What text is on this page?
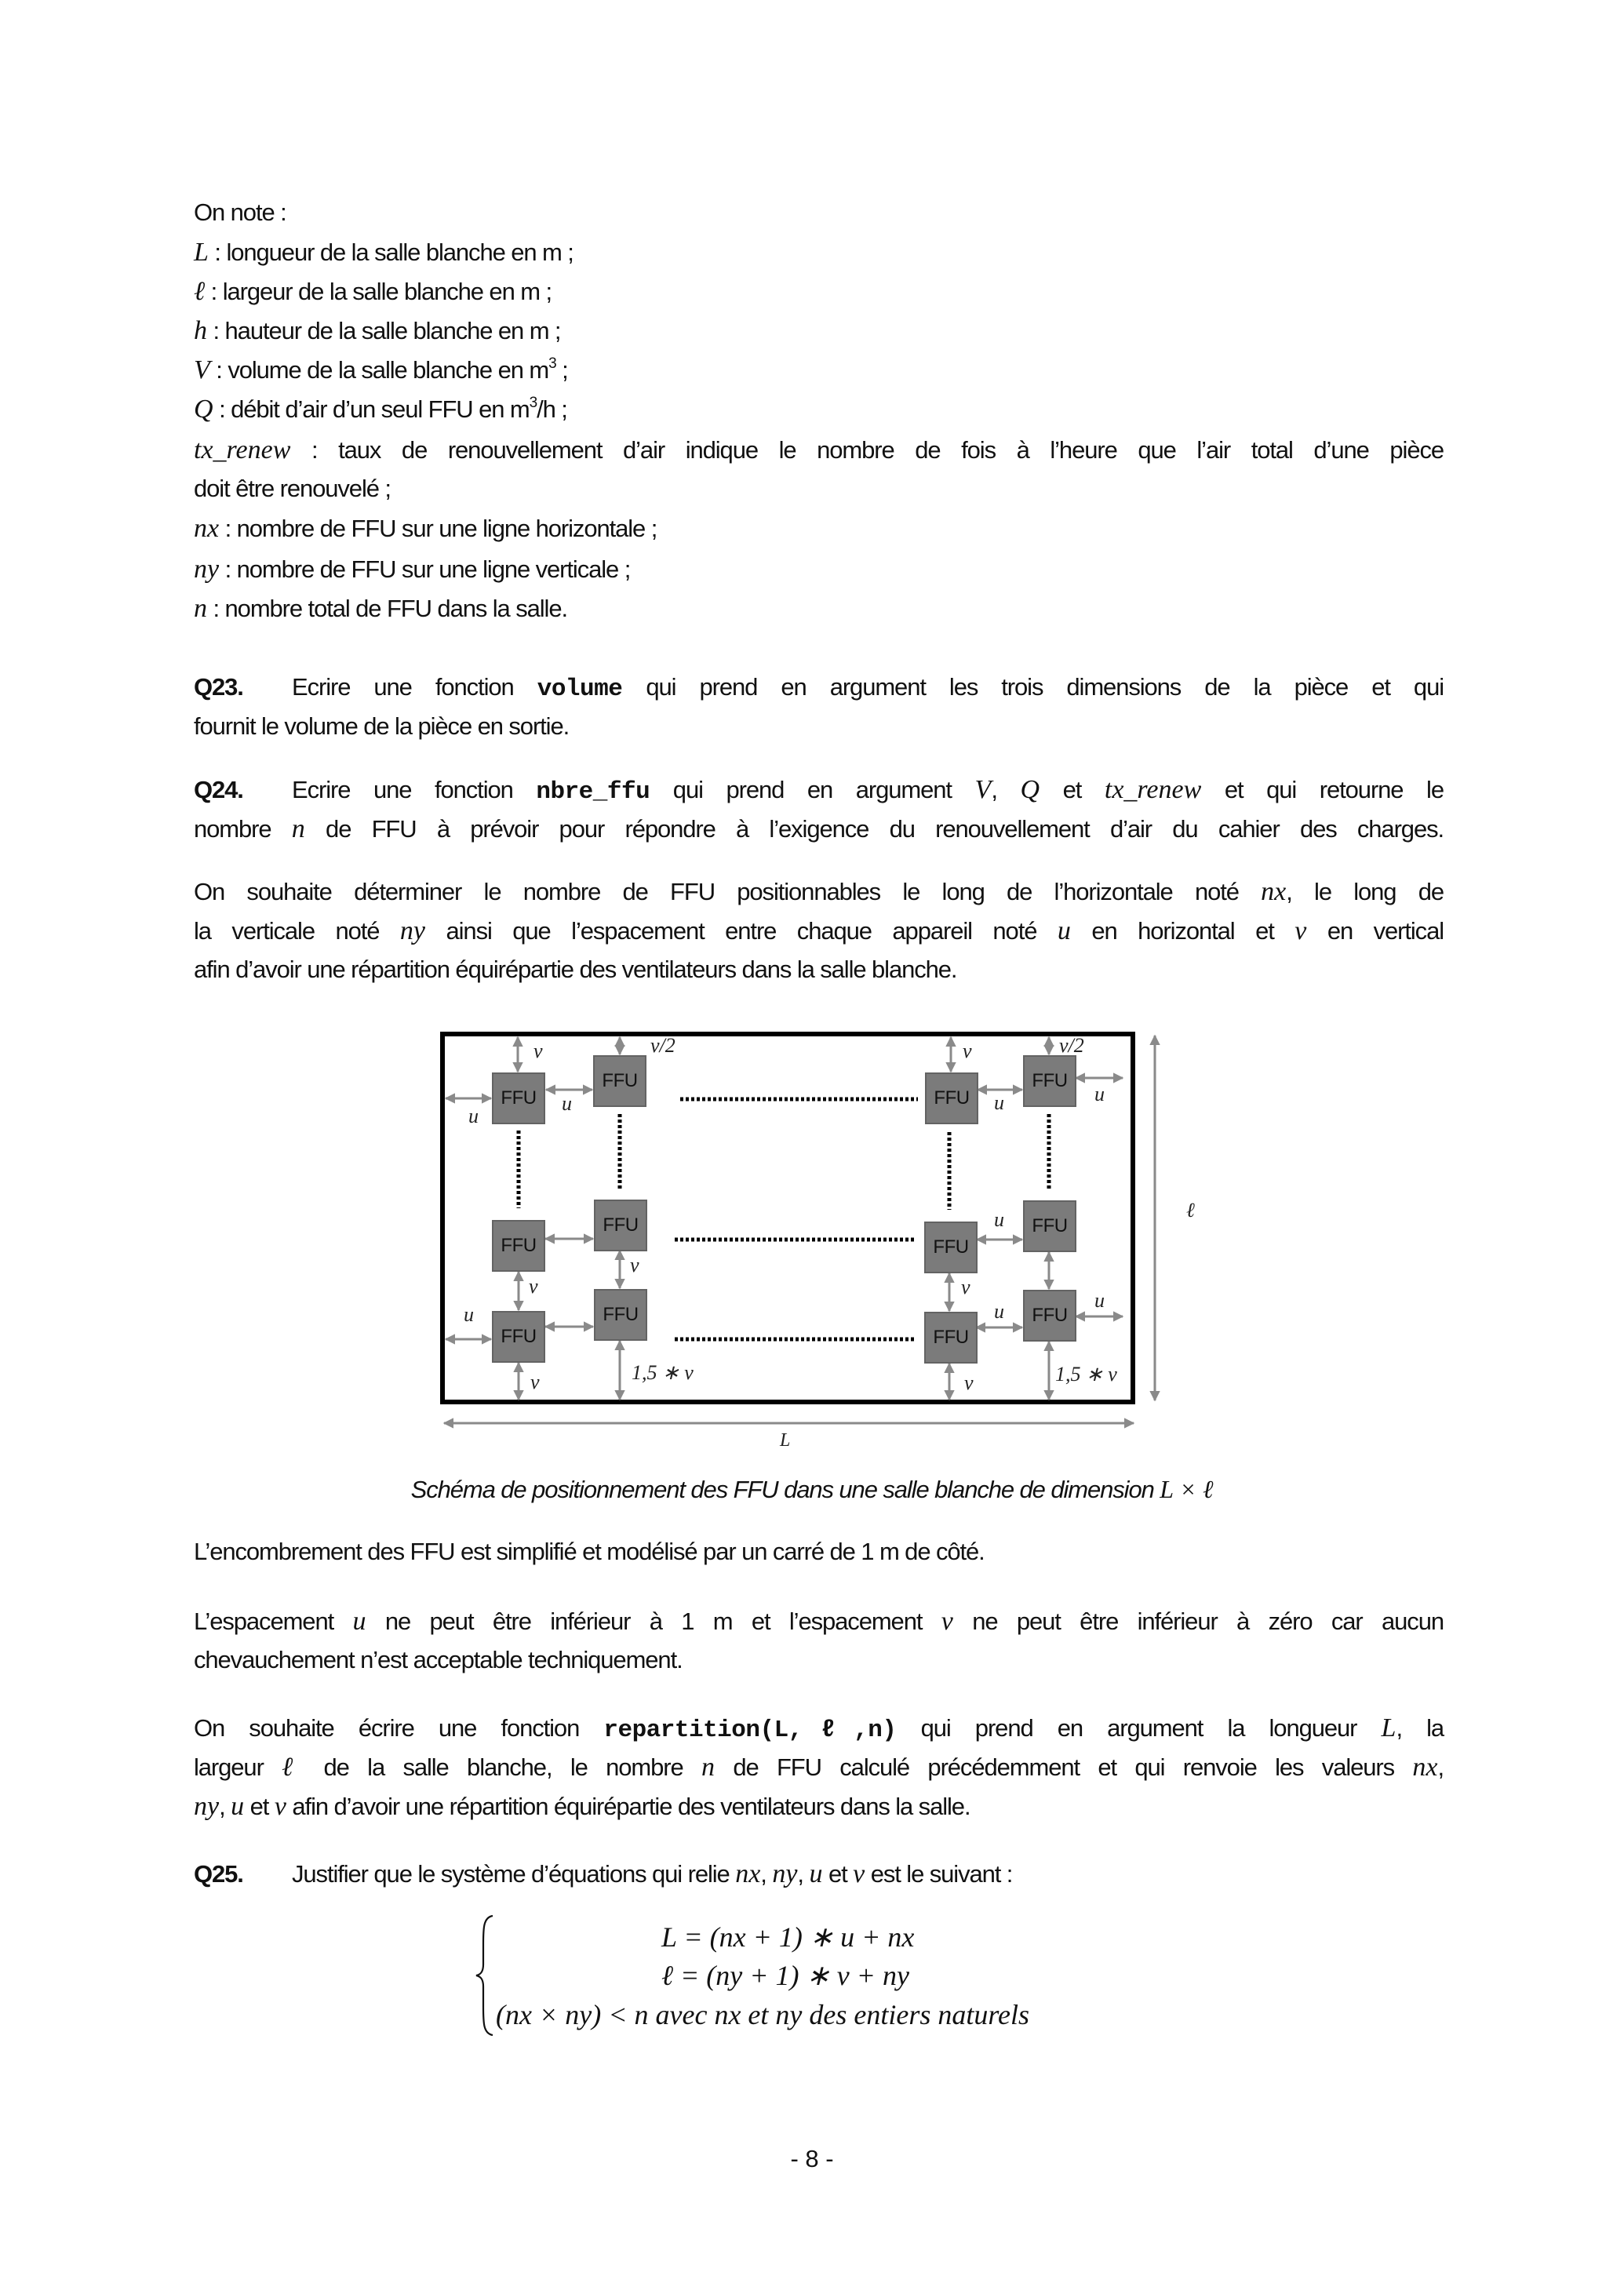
On note :
L : longueur de la salle blanche en m ;
ℓ : largeur de la salle blanche en m ;
h : hauteur de la salle blanche en m ;
V : volume de la salle blanche en $m^3$ ;
Q : débit d’air d’un seul FFU en $m^3/h$ ;
tx_renew : taux de renouvellement d’air indique le nombre de fois à l’heure que l’air total d’une pièce
doit être renouvelé ;
nx : nombre de FFU sur une ligne horizontale ;
ny : nombre de FFU sur une ligne verticale ;
n : nombre total de FFU dans la salle.
Q23. Ecrire une fonction volume qui prend en argument les trois dimensions de la pièce et qui
fournit le volume de la pièce en sortie.
Q24. Ecrire une fonction nbre_ffu qui prend en argument V, Q et tx_renew et qui retourne le
nombre n de FFU à prévoir pour répondre à l’exigence du renouvellement d’air du cahier des charges.
On souhaite déterminer le nombre de FFU positionnables le long de l’horizontale noté nx, le long de
la verticale noté ny ainsi que l’espacement entre chaque appareil noté u en horizontal et v en vertical
afin d’avoir une répartition équirépartie des ventilateurs dans la salle blanche.
FFU
FFU
FFU
FFU
FFU
FFU
FFU
FFU
FFU
FFU
FFU
FFU
v
u
u
v/2	v
u
v/2
u
u
v
v	v
u	u	u
v	1,5 ∗ v	v	1,5 ∗ v
L
ℓ
Schéma de positionnement des FFU dans une salle blanche de dimension L × ℓ
L’encombrement des FFU est simplifié et modélisé par un carré de 1 m de côté.
L’espacement u ne peut être inférieur à 1 m et l’espacement v ne peut être inférieur à zéro car aucun
chevauchement n’est acceptable techniquement.
On souhaite écrire une fonction repartition(L,ℓ,n) qui prend en argument la longueur L, la
largeur ℓ de la salle blanche, le nombre n de FFU calculé précédemment et qui renvoie les valeurs nx,
ny, u et v afin d’avoir une répartition équirépartie des ventilateurs dans la salle.
Q25. Justifier que le système d’équations qui relie nx, ny, u et v est le suivant :
L = (nx + 1) ∗ u + nx
ℓ = (ny + 1) ∗ v + ny
(nx × ny) < n avec nx et ny des entiers naturels
- 8 -
